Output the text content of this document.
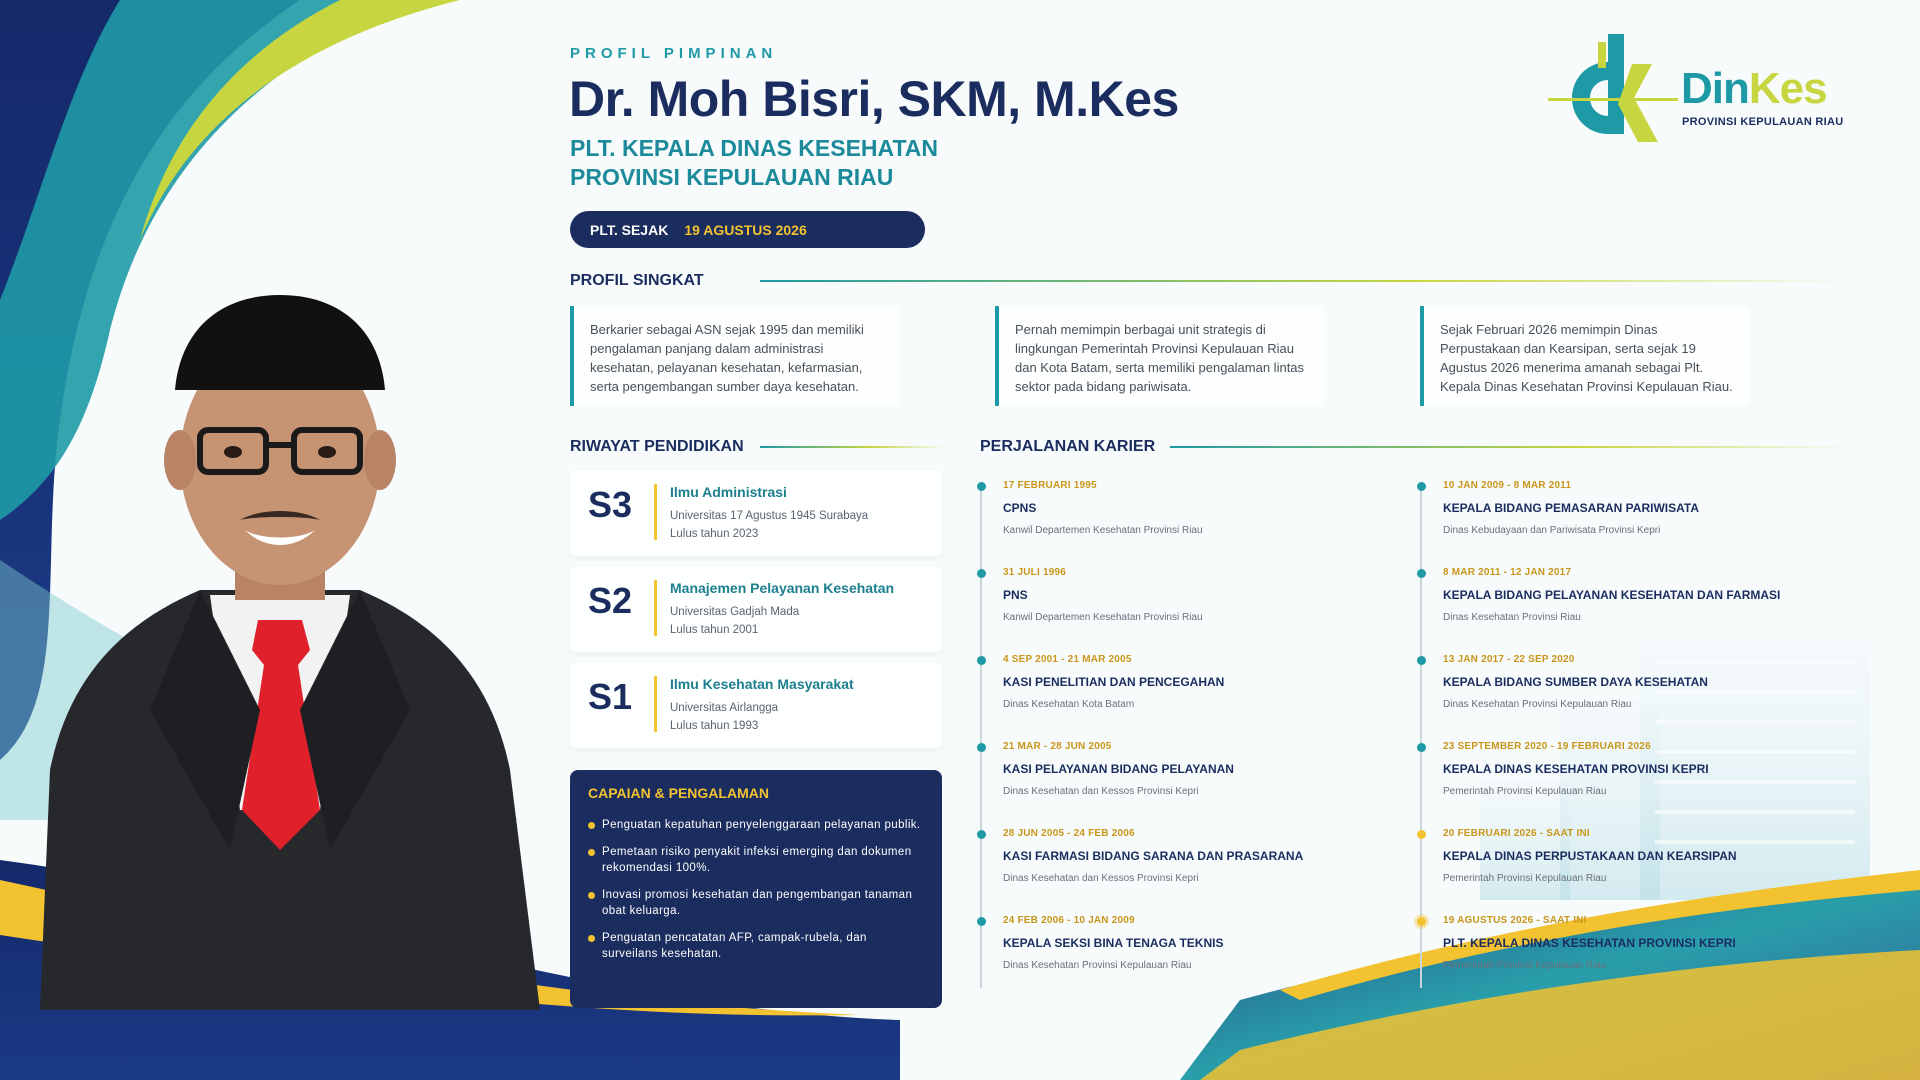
PROFIL PIMPINAN
Dr. Moh Bisri, SKM, M.Kes
PLT. KEPALA DINAS KESEHATAN
PROVINSI KEPULAUAN RIAU
PLT. SEJAK 19 AGUSTUS 2026
DinKes
PROVINSI KEPULAUAN RIAU
PROFIL SINGKAT
Berkarier sebagai ASN sejak 1995 dan memiliki pengalaman panjang dalam administrasi kesehatan, pelayanan kesehatan, kefarmasian, serta pengembangan sumber daya kesehatan.
Pernah memimpin berbagai unit strategis di lingkungan Pemerintah Provinsi Kepulauan Riau dan Kota Batam, serta memiliki pengalaman lintas sektor pada bidang pariwisata.
Sejak Februari 2026 memimpin Dinas Perpustakaan dan Kearsipan, serta sejak 19 Agustus 2026 menerima amanah sebagai Plt. Kepala Dinas Kesehatan Provinsi Kepulauan Riau.
RIWAYAT PENDIDIKAN
S3	Ilmu Administrasi
Universitas 17 Agustus 1945 Surabaya
Lulus tahun 2023
S2	Manajemen Pelayanan Kesehatan
Universitas Gadjah Mada
Lulus tahun 2001
S1	Ilmu Kesehatan Masyarakat
Universitas Airlangga
Lulus tahun 1993
CAPAIAN & PENGALAMAN
Penguatan kepatuhan penyelenggaraan pelayanan publik.
Pemetaan risiko penyakit infeksi emerging dan dokumen rekomendasi 100%.
Inovasi promosi kesehatan dan pengembangan tanaman obat keluarga.
Penguatan pencatatan AFP, campak-rubela, dan surveilans kesehatan.
PERJALANAN KARIER
17 FEBRUARI 1995
CPNS
Kanwil Departemen Kesehatan Provinsi Riau
31 JULI 1996
PNS
Kanwil Departemen Kesehatan Provinsi Riau
4 SEP 2001 - 21 MAR 2005
KASI PENELITIAN DAN PENCEGAHAN
Dinas Kesehatan Kota Batam
21 MAR - 28 JUN 2005
KASI PELAYANAN BIDANG PELAYANAN
Dinas Kesehatan dan Kessos Provinsi Kepri
28 JUN 2005 - 24 FEB 2006
KASI FARMASI BIDANG SARANA DAN PRASARANA
Dinas Kesehatan dan Kessos Provinsi Kepri
24 FEB 2006 - 10 JAN 2009
KEPALA SEKSI BINA TENAGA TEKNIS
Dinas Kesehatan Provinsi Kepulauan Riau
10 JAN 2009 - 8 MAR 2011
KEPALA BIDANG PEMASARAN PARIWISATA
Dinas Kebudayaan dan Pariwisata Provinsi Kepri
8 MAR 2011 - 12 JAN 2017
KEPALA BIDANG PELAYANAN KESEHATAN DAN FARMASI
Dinas Kesehatan Provinsi Riau
13 JAN 2017 - 22 SEP 2020
KEPALA BIDANG SUMBER DAYA KESEHATAN
Dinas Kesehatan Provinsi Kepulauan Riau
23 SEPTEMBER 2020 - 19 FEBRUARI 2026
KEPALA DINAS KESEHATAN PROVINSI KEPRI
Pemerintah Provinsi Kepulauan Riau
20 FEBRUARI 2026 - SAAT INI
KEPALA DINAS PERPUSTAKAAN DAN KEARSIPAN
Pemerintah Provinsi Kepulauan Riau
19 AGUSTUS 2026 - SAAT INI
PLT. KEPALA DINAS KESEHATAN PROVINSI KEPRI
Pemerintah Provinsi Kepulauan Riau
